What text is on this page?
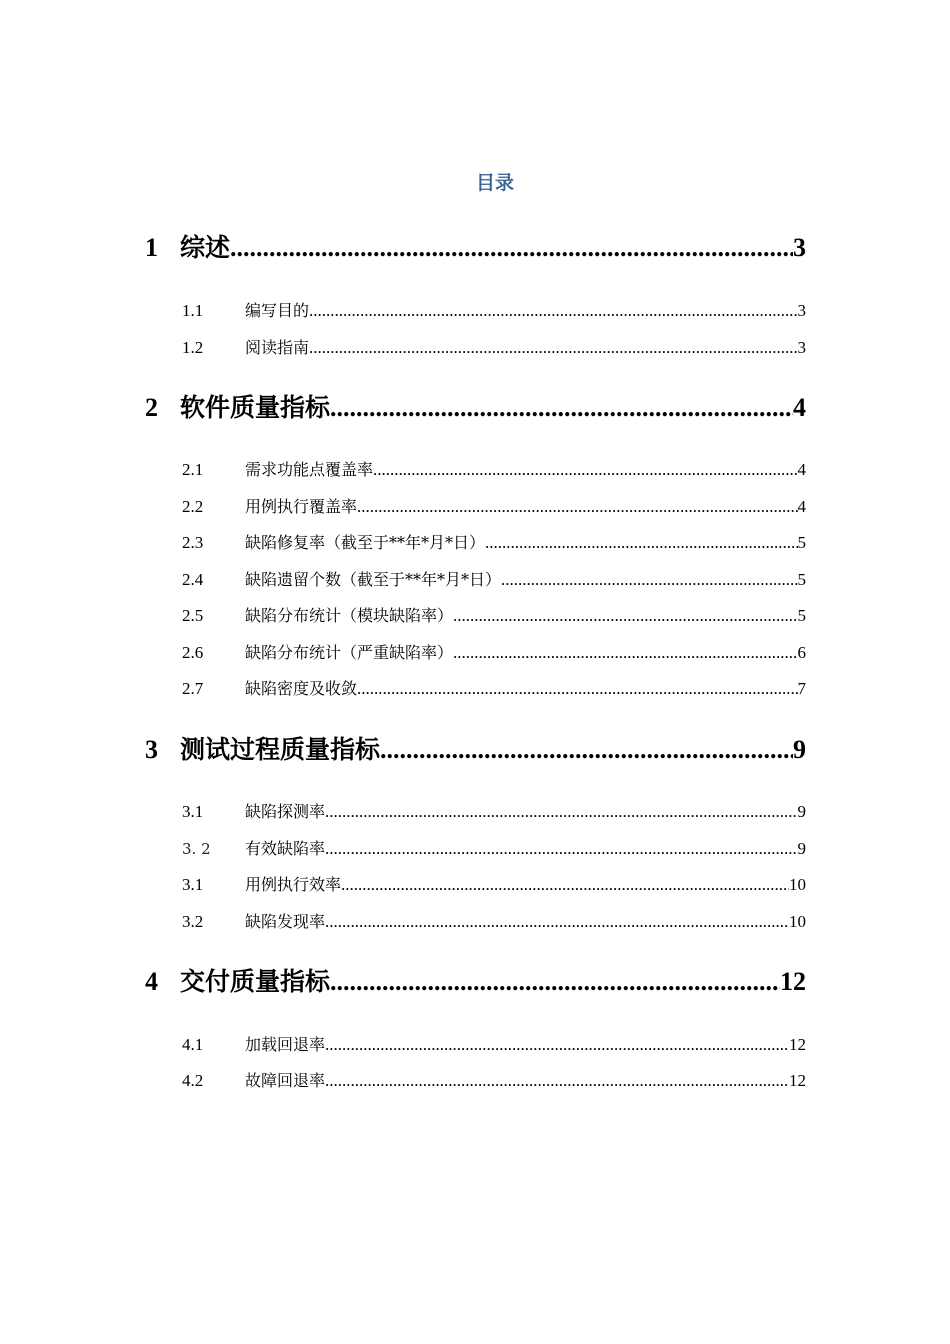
目录
1 综述 .....	3
1.1	编写目的 .....	3
1.2	阅读指南 .....	3
2 软件质量指标 .....	4
2.1	需求功能点覆盖率 .....	4
2.2	用例执行覆盖率 .....	4
2.3	缺陷修复率（截至于**年*月*日） .....	5
2.4	缺陷遗留个数（截至于**年*月*日） .....	5
2.5	缺陷分布统计（模块缺陷率） .....	5
2.6	缺陷分布统计（严重缺陷率） .....	6
2.7	缺陷密度及收敛 .....	7
3 测试过程质量指标 .....	9
3.1	缺陷探测率 .....	9
3. 2	有效缺陷率 .....	9
3.1	用例执行效率 .....	10
3.2	缺陷发现率 .....	10
4 交付质量指标 .....	12
4.1	加载回退率 .....	12
4.2	故障回退率 .....	12
